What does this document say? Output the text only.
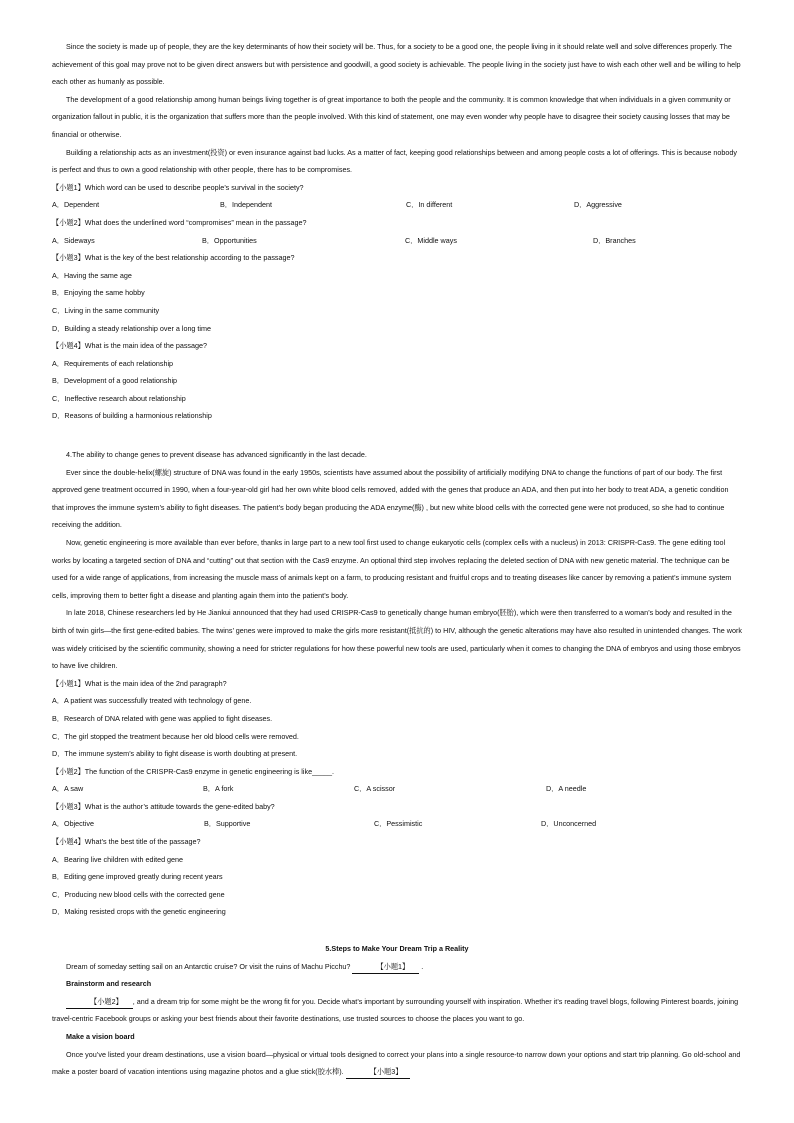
Since the society is made up of people, they are the key determinants of how their society will be. Thus, for a society to be a good one, the people living in it should relate well and solve differences properly. The achievement of this goal may prove not to be given direct answers but with persistence and goodwill, a good society is achievable. The people living in the society just have to wish each other well and be willing to help each other as humanly as possible.

The development of a good relationship among human beings living together is of great importance to both the people and the community. It is common knowledge that when individuals in a given community or organization fallout in public, it is the organization that suffers more than the people involved. With this kind of statement, one may even wonder why people have to disagree their society causing losses that may be financial or otherwise.

Building a relationship acts as an investment(投资) or even insurance against bad lucks. As a matter of fact, keeping good relationships between and among people costs a lot of offerings. This is because nobody is perfect and thus to own a good relationship with other people, there has to be compromises.

【小题1】Which word can be used to describe people’s survival in the society?

A．Dependent	B．Independent	C．In different	D．Aggressive

【小题2】What does the underlined word “compromises” mean in the passage?

A．Sideways	B．Opportunities	C．Middle ways	D．Branches

【小题3】What is the key of the best relationship according to the passage?

A．Having the same age

B．Enjoying the same hobby

C．Living in the same community

D．Building a steady relationship over a long time

【小题4】What is the main idea of the passage?

A．Requirements of each relationship

B．Development of a good relationship

C．Ineffective research about relationship

D．Reasons of building a harmonious relationship

4.The ability to change genes to prevent disease has advanced significantly in the last decade.

Ever since the double-helix(螺旋) structure of DNA was found in the early 1950s, scientists have assumed about the possibility of artificially modifying DNA to change the functions of part of our body. The first approved gene treatment occurred in 1990, when a four-year-old girl had her own white blood cells removed, added with the genes that produce an ADA, and then put into her body to treat ADA, a genetic condition that improves the immune system’s ability to fight diseases. The patient’s body began producing the ADA enzyme(酶) , but new white blood cells with the corrected gene were not produced, so she had to continue receiving the addition.

Now, genetic engineering is more available than ever before, thanks in large part to a new tool first used to change eukaryotic cells (complex cells with a nucleus) in 2013: CRISPR-Cas9. The gene editing tool works by locating a targeted section of DNA and “cutting” out that section with the Cas9 enzyme. An optional third step involves replacing the deleted section of DNA with new genetic material. The technique can be used for a wide range of applications, from increasing the muscle mass of animals kept on a farm, to producing resistant and fruitful crops and to treating diseases like cancer by removing a patient’s immune system cells, improving them to better fight a disease and planting again them into the patient’s body.

In late 2018, Chinese researchers led by He Jiankui announced that they had used CRISPR-Cas9 to genetically change human embryo(胚胎), which were then transferred to a woman’s body and resulted in the birth of twin girls—the first gene-edited babies. The twins’ genes were improved to make the girls more resistant(抵抗的) to HIV, although the genetic alterations may have also resulted in unintended changes. The work was widely criticised by the scientific community, showing a need for stricter regulations for how these powerful new tools are used, particularly when it comes to changing the DNA of embryos and using those embryos to have live children.

【小题1】What is the main idea of the 2nd paragraph?

A．A patient was successfully treated with technology of gene.

B．Research of DNA related with gene was applied to fight diseases.

C．The girl stopped the treatment because her old blood cells were removed.

D．The immune system’s ability to fight disease is worth doubting at present.

【小题2】The function of the CRISPR-Cas9 enzyme in genetic engineering is like_____.

A．A saw	B．A fork	C．A scissor	D．A needle

【小题3】What is the author’s attitude towards the gene-edited baby?

A．Objective	B．Supportive	C．Pessimistic	D．Unconcerned

【小题4】What’s the best title of the passage?

A．Bearing live children with edited gene

B．Editing gene improved greatly during recent years

C．Producing new blood cells with the corrected gene

D．Making resisted crops with the genetic engineering

5.Steps to Make Your Dream Trip a Reality

Dream of someday setting sail on an Antarctic cruise? Or visit the ruins of Machu Picchu?	【小题1】 .

Brainstorm and research

【小题2】 , and a dream trip for some might be the wrong fit for you. Decide what’s important by surrounding yourself with inspiration. Whether it’s reading travel blogs, following Pinterest boards, joining travel-centric Facebook groups or asking your best friends about their favorite destinations, use trusted sources to choose the places you want to go.

Make a vision board

Once you’ve listed your dream destinations, use a vision board—physical or virtual tools designed to correct your plans into a single resource-to narrow down your options and start trip planning. Go old-school and make a poster board of vacation intentions using magazine photos and a glue stick(胶水棒).	【小题3】
